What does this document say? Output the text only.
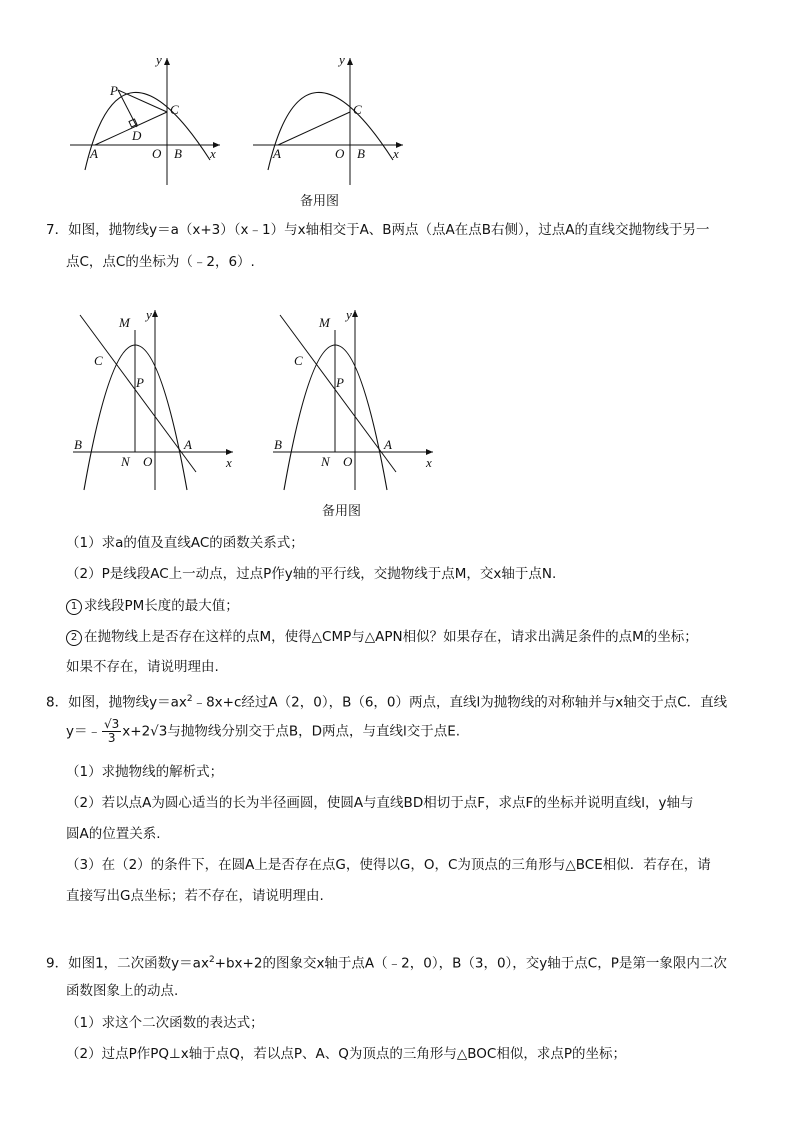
y
x
P
C
D
A	O B
y
x
C
A	O B
备用图
7．如图，抛物线y＝a（x+3）（x﹣1）与x轴相交于A、B两点（点A在点B右侧），过点A的直线交抛物线于另一
点C，点C的坐标为（﹣2，6）.
M
y
C
P
B	A
N O	x
M
y
C
P
B	A
N O	x
备用图
（1）求a的值及直线AC的函数关系式；
（2）P是线段AC上一动点，过点P作y轴的平行线，交抛物线于点M，交x轴于点N.
1 求线段PM长度的最大值；
2 在抛物线上是否存在这样的点M，使得△CMP与△APN相似？如果存在，请求出满足条件的点M的坐标；
如果不存在，请说明理由.
8．如图，抛物线$y=ax^2﹣8x+c$经过A（2，0），B（6，0）两点，直线l为抛物线的对称轴并与x轴交于点C．直线
y＝﹣ $\frac{√3}{3} x+2√3$与抛物线分别交于点B，D两点，与直线l交于点E.
（1）求抛物线的解析式；
（2）若以点A为圆心适当的长为半径画圆，使圆A与直线BD相切于点F，求点F的坐标并说明直线l，y轴与
圆A的位置关系.
（3）在（2）的条件下，在圆A上是否存在点G，使得以G，O，C为顶点的三角形与△BCE相似．若存在，请
直接写出G点坐标；若不存在，请说明理由.
9．如图1，二次函数$y=ax^2+bx+2$的图象交x轴于点A（﹣2，0），B（3，0），交y轴于点C，P是第一象限内二次
函数图象上的动点.
（1）求这个二次函数的表达式；
（2）过点P作PQ⊥x轴于点Q，若以点P、A、Q为顶点的三角形与△BOC相似，求点P的坐标；
